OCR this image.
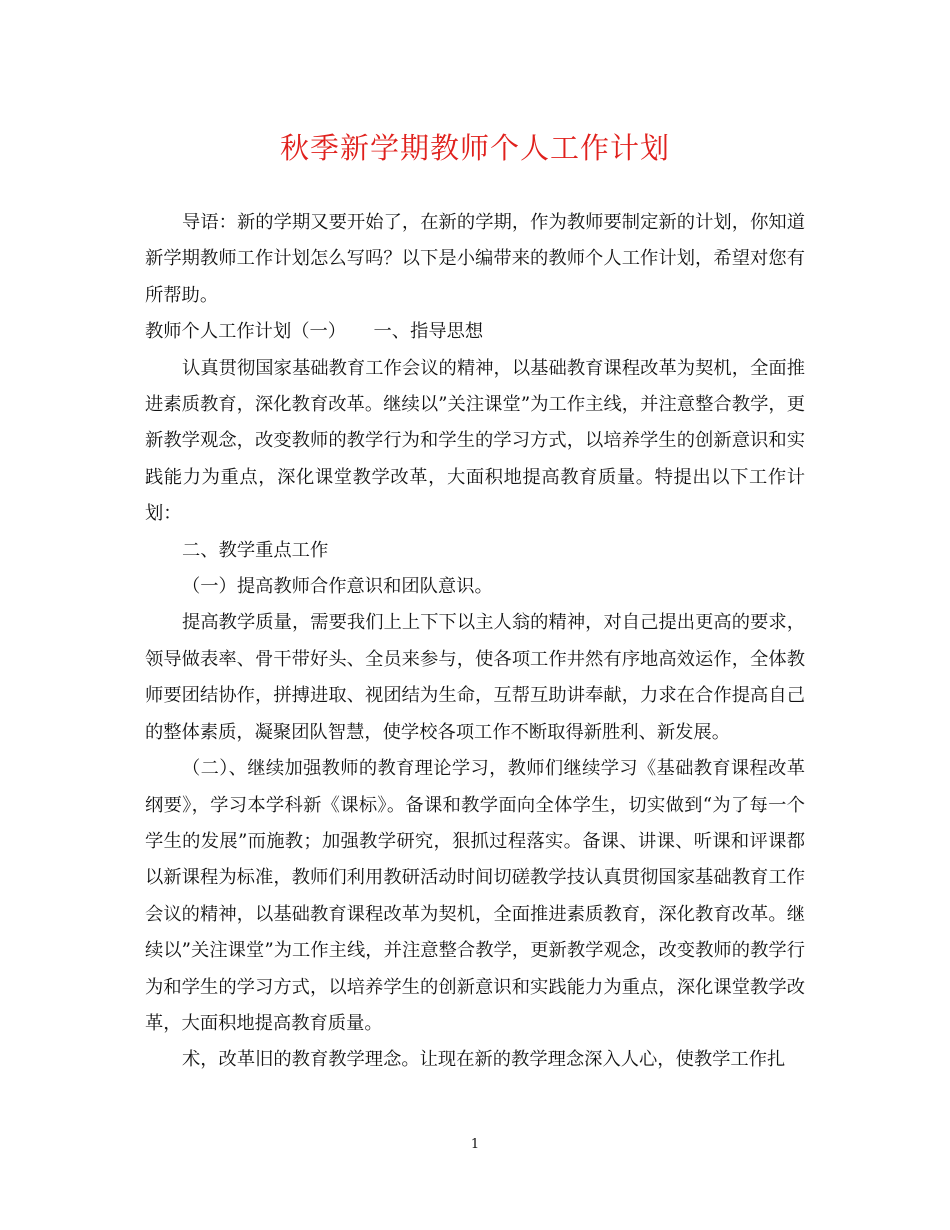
秋季新学期教师个人工作计划

导语：新的学期又要开始了，在新的学期，作为教师要制定新的计划，你知道新学期教师工作计划怎么写吗？以下是小编带来的教师个人工作计划，希望对您有所帮助。

教师个人工作计划（一）　　一、指导思想

认真贯彻国家基础教育工作会议的精神，以基础教育课程改革为契机，全面推进素质教育，深化教育改革。继续以”关注课堂”为工作主线，并注意整合教学，更新教学观念，改变教师的教学行为和学生的学习方式，以培养学生的创新意识和实践能力为重点，深化课堂教学改革，大面积地提高教育质量。特提出以下工作计划：

二、教学重点工作

（一）提高教师合作意识和团队意识。

提高教学质量，需要我们上上下下以主人翁的精神，对自己提出更高的要求，领导做表率、骨干带好头、全员来参与，使各项工作井然有序地高效运作，全体教师要团结协作，拼搏进取、视团结为生命，互帮互助讲奉献，力求在合作提高自己的整体素质，凝聚团队智慧，使学校各项工作不断取得新胜利、新发展。

（二）、继续加强教师的教育理论学习，教师们继续学习《基础教育课程改革纲要》，学习本学科新《课标》。备课和教学面向全体学生，切实做到“为了每一个学生的发展”而施教；加强教学研究，狠抓过程落实。备课、讲课、听课和评课都以新课程为标准，教师们利用教研活动时间切磋教学技认真贯彻国家基础教育工作会议的精神，以基础教育课程改革为契机，全面推进素质教育，深化教育改革。继续以”关注课堂”为工作主线，并注意整合教学，更新教学观念，改变教师的教学行为和学生的学习方式，以培养学生的创新意识和实践能力为重点，深化课堂教学改革，大面积地提高教育质量。

术，改革旧的教育教学理念。让现在新的教学理念深入人心，使教学工作扎

1
